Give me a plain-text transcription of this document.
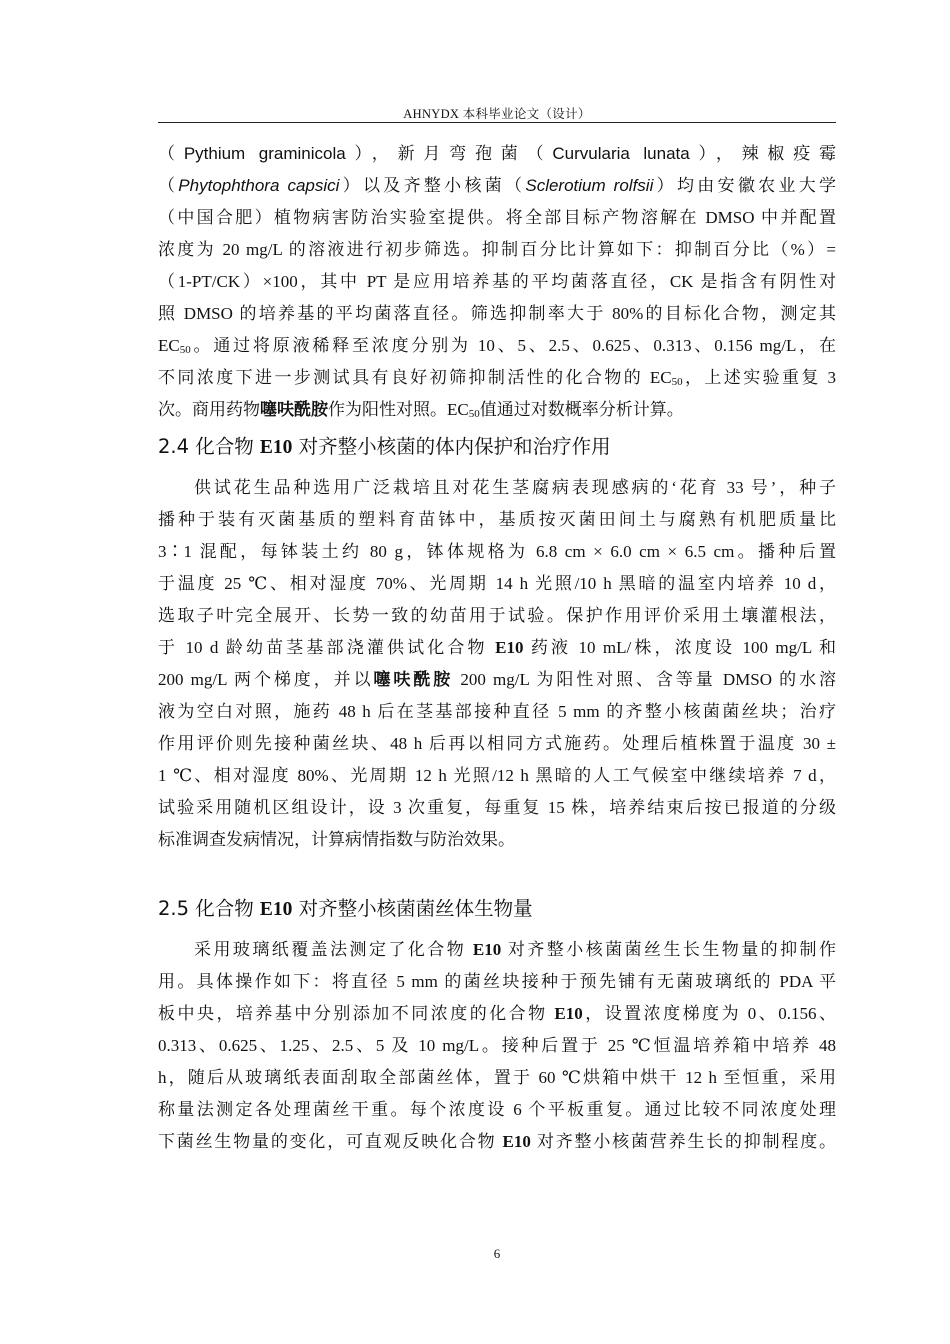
AHNYDX 本科毕业论文（设计）
（Pythium graminicola），新月弯孢菌（Curvularia lunata），辣椒疫霉
（Phytophthora capsici）以及齐整小核菌（Sclerotium rolfsii）均由安徽农业大学
（中国合肥）植物病害防治实验室提供。将全部目标产物溶解在 DMSO 中并配置
浓度为 20 mg/L 的溶液进行初步筛选。抑制百分比计算如下：抑制百分比（%）=
（1-PT/CK）×100，其中 PT 是应用培养基的平均菌落直径，CK 是指含有阴性对
照 DMSO 的培养基的平均菌落直径。筛选抑制率大于 80%的目标化合物，测定其
EC50。通过将原液稀释至浓度分别为 10、5、2.5、0.625、0.313、0.156 mg/L，在
不同浓度下进一步测试具有良好初筛抑制活性的化合物的 EC50，上述实验重复 3
次。商用药物噻呋酰胺作为阳性对照。EC50值通过对数概率分析计算。
2.4 化合物 E10 对齐整小核菌的体内保护和治疗作用
供试花生品种选用广泛栽培且对花生茎腐病表现感病的‘花育 33 号’，种子
播种于装有灭菌基质的塑料育苗钵中，基质按灭菌田间土与腐熟有机肥质量比
3∶1 混配，每钵装土约 80 g，钵体规格为 6.8 cm × 6.0 cm × 6.5 cm。播种后置
于温度 25 ℃、相对湿度 70%、光周期 14 h 光照/10 h 黑暗的温室内培养 10 d，
选取子叶完全展开、长势一致的幼苗用于试验。保护作用评价采用土壤灌根法，
于 10 d 龄幼苗茎基部浇灌供试化合物 E10 药液 10 mL/株，浓度设 100 mg/L 和
200 mg/L 两个梯度，并以噻呋酰胺 200 mg/L 为阳性对照、含等量 DMSO 的水溶
液为空白对照，施药 48 h 后在茎基部接种直径 5 mm 的齐整小核菌菌丝块；治疗
作用评价则先接种菌丝块、48 h 后再以相同方式施药。处理后植株置于温度 30 ±
1 ℃、相对湿度 80%、光周期 12 h 光照/12 h 黑暗的人工气候室中继续培养 7 d，
试验采用随机区组设计，设 3 次重复，每重复 15 株，培养结束后按已报道的分级
标准调查发病情况，计算病情指数与防治效果。
2.5 化合物 E10 对齐整小核菌菌丝体生物量
采用玻璃纸覆盖法测定了化合物 E10 对齐整小核菌菌丝生长生物量的抑制作
用。具体操作如下：将直径 5 mm 的菌丝块接种于预先铺有无菌玻璃纸的 PDA 平
板中央，培养基中分别添加不同浓度的化合物 E10，设置浓度梯度为 0、0.156、
0.313、0.625、1.25、2.5、5 及 10 mg/L。接种后置于 25 ℃恒温培养箱中培养 48
h，随后从玻璃纸表面刮取全部菌丝体，置于 60 ℃烘箱中烘干 12 h 至恒重，采用
称量法测定各处理菌丝干重。每个浓度设 6 个平板重复。通过比较不同浓度处理
下菌丝生物量的变化，可直观反映化合物 E10 对齐整小核菌营养生长的抑制程度。
6
